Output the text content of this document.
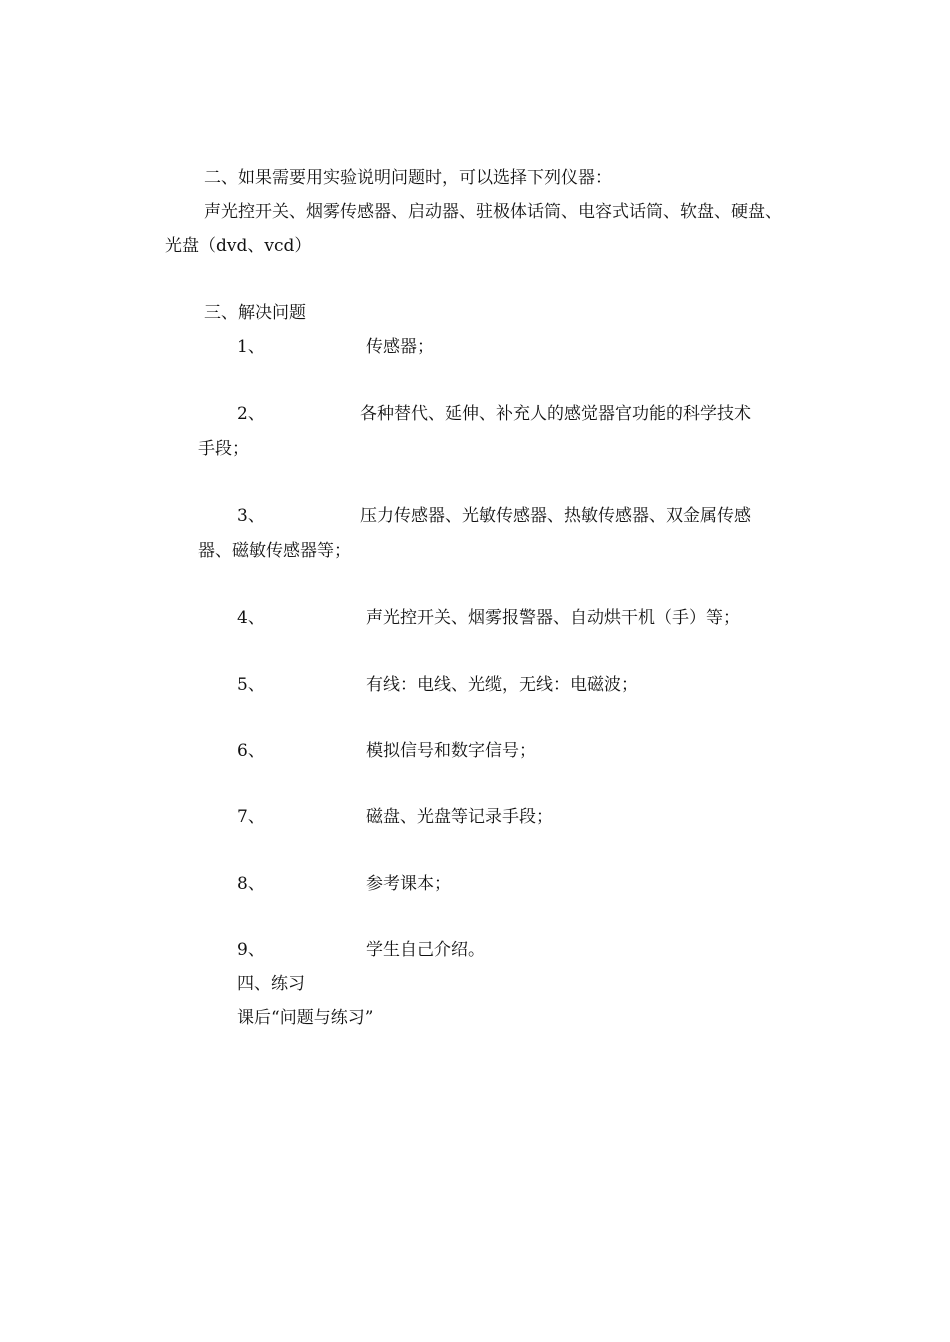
二、如果需要用实验说明问题时，可以选择下列仪器：
声光控开关、烟雾传感器、启动器、驻极体话筒、电容式话筒、软盘、硬盘、
光盘（dvd、vcd）
三、解决问题
1、	传感器；
2、	各种替代、延伸、补充人的感觉器官功能的科学技术
手段；
3、	压力传感器、光敏传感器、热敏传感器、双金属传感
器、磁敏传感器等；
4、	声光控开关、烟雾报警器、自动烘干机（手）等；
5、	有线：电线、光缆，无线：电磁波；
6、	模拟信号和数字信号；
7、	磁盘、光盘等记录手段；
8、	参考课本；
9、	学生自己介绍。
四、练习
课后“问题与练习”
